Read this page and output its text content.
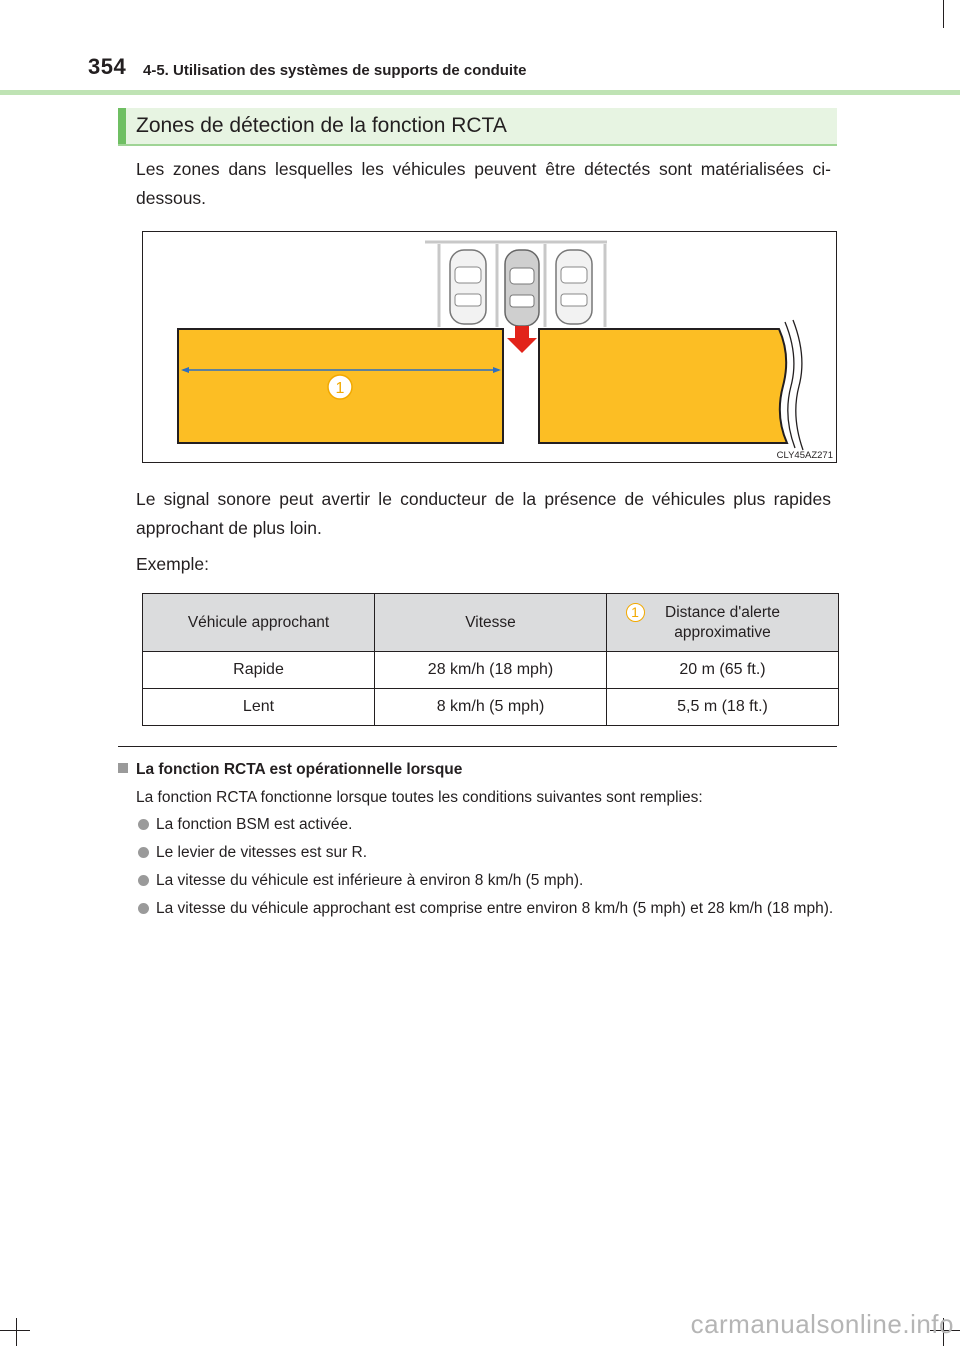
354 4-5. Utilisation des systèmes de supports de conduite
Zones de détection de la fonction RCTA
Les zones dans lesquelles les véhicules peuvent être détectés sont matérialisées ci-dessous.
1
CLY45AZ271
Le signal sonore peut avertir le conducteur de la présence de véhicules plus rapides approchant de plus loin.
Exemple:
Véhicule approchant	Vitesse	1 Distance d'alerte approximative
Rapide	28 km/h (18 mph)	20 m (65 ft.)
Lent	8 km/h (5 mph)	5,5 m (18 ft.)
La fonction RCTA est opérationnelle lorsque
La fonction RCTA fonctionne lorsque toutes les conditions suivantes sont remplies:
La fonction BSM est activée.
Le levier de vitesses est sur R.
La vitesse du véhicule est inférieure à environ 8 km/h (5 mph).
La vitesse du véhicule approchant est comprise entre environ 8 km/h (5 mph) et 28 km/h (18 mph).
carmanualsonline.info
